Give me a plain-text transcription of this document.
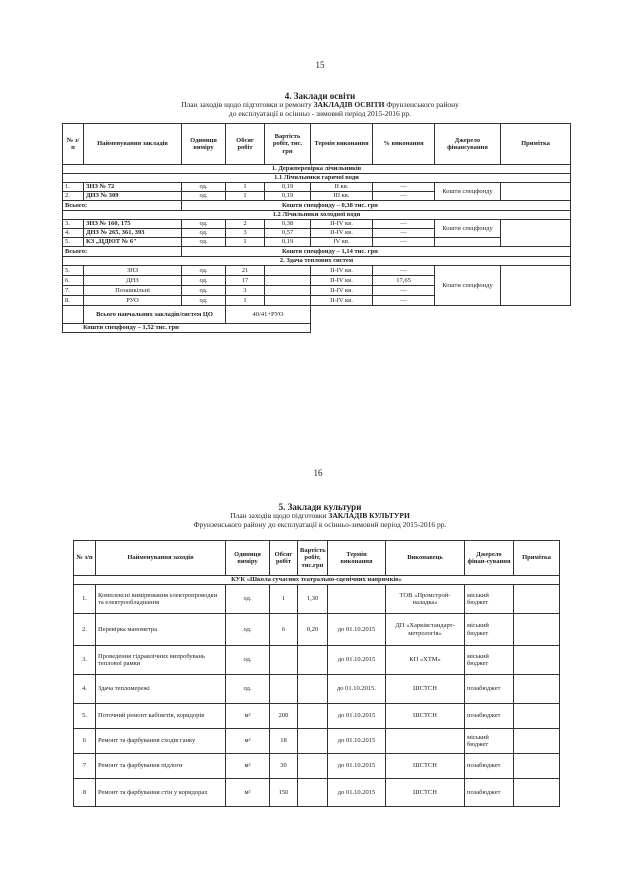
15
4. Заклади освіти
План заходів щодо підготовки и ремонту ЗАКЛАДІВ ОСВІТИ Фрунзенського району
до експлуатації в осінньо - зимовий період 2015-2016 рр.
№ з/п	Найменування закладів	Одиниця виміру	Обсяг робіт	Вартість робіт, тис. грн	Термін виконання	% виконання	Джерело фінансування	Примітка
1. Держперевірка лічильників								
1.1 Лічильники гарячої води								
1.	ЗНЗ № 72	од.	1	0,19	II кв.	—	Кошти спецфонду	
2.	ДНЗ № 309	од.	1	0,19	III кв.	—		
Всього:		Кошти спецфонду – 0,38 тис. грн						
1.2 Лічильники холодної води								
3.	ЗНЗ № 160, 175	од.	2	0,38	II-IV кв.	—	Кошти спецфонду	
4.	ДНЗ № 265, 361, 393	од.	3	0,57	II-IV кв.	—		
5.	КЗ „ЦДЮТ № 6"	од.	1	0,19	IV кв.	—		
Всього:		Кошти спецфонду – 1,14 тис. грн						
2. Здача теплових систем								
5.	ЗНЗ	од.	21		II-IV кв.	—	Кошти спецфонду	
6.	ДНЗ	од.	17		II-IV кв.	17,65		
7.	Позашкільні	од.	3		II-IV кв.	—		
8.	РУО	од.	1		II-IV кв.	—		
	Всього навчальних закладів/систем ЦО		40/41+РУО					
Кошти спецфонду – 1,52 тис. грн								
16
5. Заклади культури
План заходів щодо підготовки ЗАКЛАДІВ КУЛЬТУРИ
Фрунзенського району до експлуатації в осінньо-зимовий період 2015-2016 рр.
№ з/п	Найменування заходів	Одиниця виміру	Обсяг робіт	Вартість робіт, тис.грн	Термін виконання	Виконавець	Джерело фінан-сування	Примітка
КУК «Школа сучасних театрально-сценічних напрямків»								
1.	Комплексні вимірювання електропроводки та електрообладнання	од.	1	1,30		ТОВ «Промстрой-наладка»	міський бюджет	
2.	Перевірка манометра	од.	6	0,20	до 01.10.2015	ДП «Харківстандарт-метрологія»	міський бюджет	
3.	Проведення гідравлічних випробувань теплової рамки	од.			до 01.10.2015	КП «ХТМ»	міський бюджет	
4.	Здача тепломережі	од.			до 01.10.2015.	ШСТСН	позабюджет	
5.	Поточний ремонт кабінетів, коридорів	м²	200		до 01.10.2015	ШСТСН	позабюджет	
6	Ремонт та фарбування сходів ганку	м²	18		до 01.10.2015		міський бюджет	
7	Ремонт та фарбування підлоги	м²	30		до 01.10.2015	ШСТСН	позабюджет	
8	Ремонт та фарбування стін у коридорах	м²	150		до 01.10.2015	ШСТСН	позабюджет	
